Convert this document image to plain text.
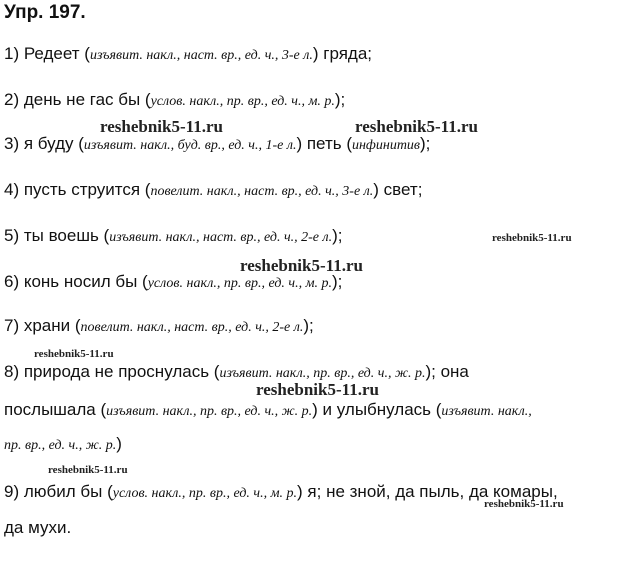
Упр. 197.
1) Редеет (изъявит. накл., наст. вр., ед. ч., 3-е л.) гряда;
2) день не гас бы (услов. накл., пр. вр., ед. ч., м. р.);
3) я буду (изъявит. накл., буд. вр., ед. ч., 1-е л.) петь (инфинитив);
4) пусть струится (повелит. накл., наст. вр., ед. ч., 3-е л.) свет;
5) ты воешь (изъявит. накл., наст. вр., ед. ч., 2-е л.);
6) конь носил бы (услов. накл., пр. вр., ед. ч., м. р.);
7) храни (повелит. накл., наст. вр., ед. ч., 2-е л.);
8) природа не проснулась (изъявит. накл., пр. вр., ед. ч., ж. р.); она
послышала (изъявит. накл., пр. вр., ед. ч., ж. р.) и улыбнулась (изъявит. накл.,
пр. вр., ед. ч., ж. р.)
9) любил бы (услов. накл., пр. вр., ед. ч., м. р.) я; не зной, да пыль, да комары,
да мухи.
reshebnik5-11.ru	reshebnik5-11.ru
reshebnik5-11.ru
reshebnik5-11.ru
reshebnik5-11.ru
reshebnik5-11.ru
reshebnik5-11.ru
reshebnik5-11.ru
